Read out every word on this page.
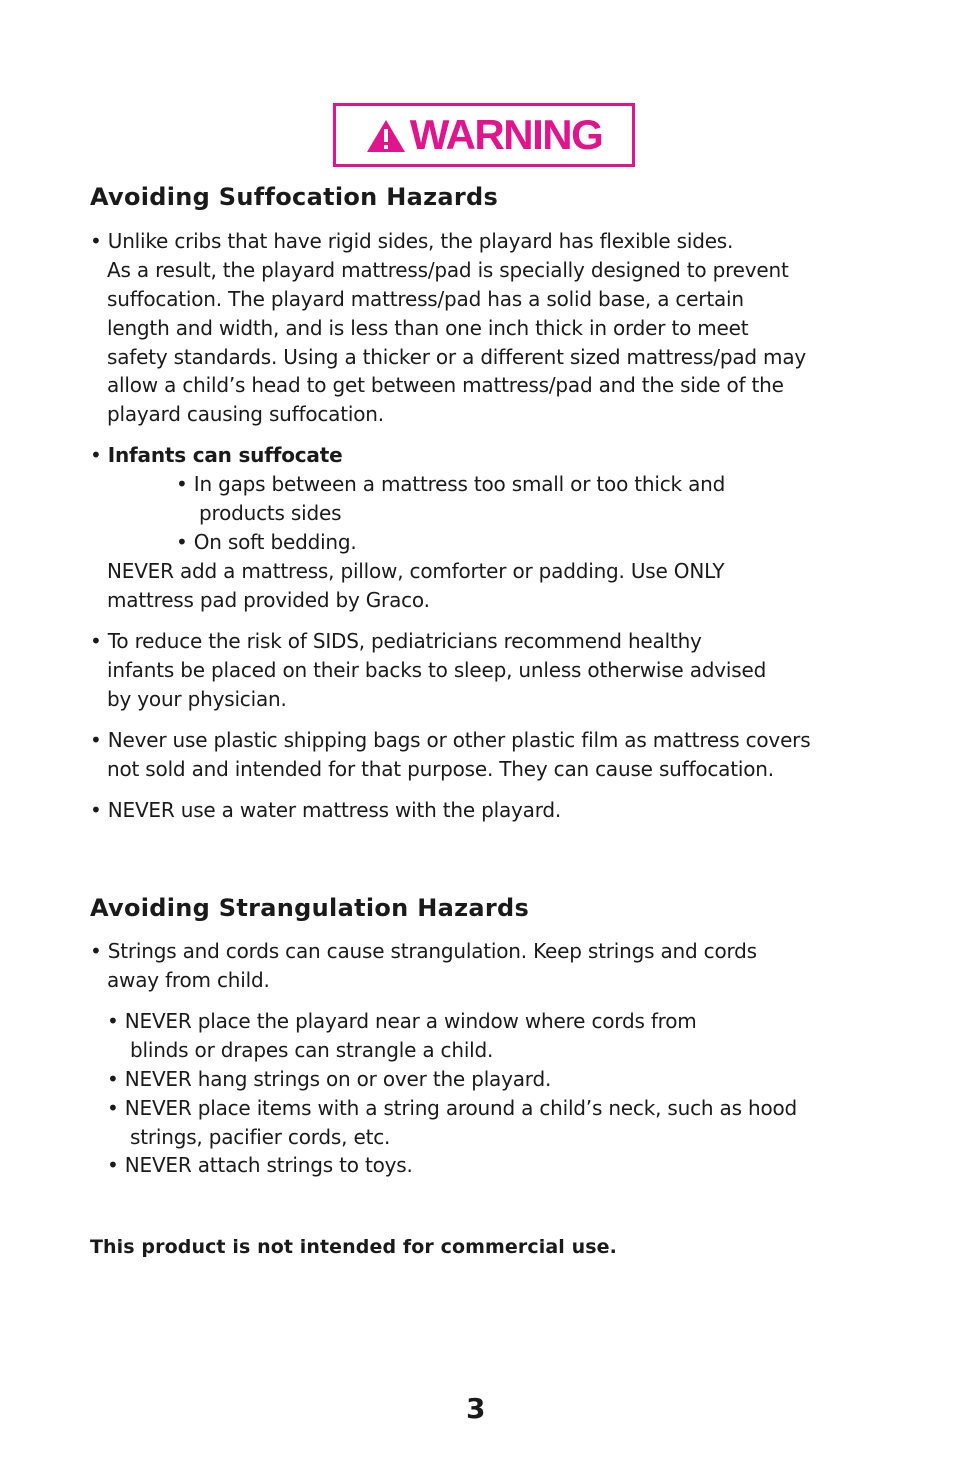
WARNING
Avoiding Suffocation Hazards
• Unlike cribs that have rigid sides, the playard has flexible sides.
As a result, the playard mattress/pad is specially designed to prevent
suffocation. The playard mattress/pad has a solid base, a certain
length and width, and is less than one inch thick in order to meet
safety standards. Using a thicker or a different sized mattress/pad may
allow a child’s head to get between mattress/pad and the side of the
playard causing suffocation.
• Infants can suffocate
• In gaps between a mattress too small or too thick and
products sides
• On soft bedding.
NEVER add a mattress, pillow, comforter or padding. Use ONLY
mattress pad provided by Graco.
• To reduce the risk of SIDS, pediatricians recommend healthy
infants be placed on their backs to sleep, unless otherwise advised
by your physician.
• Never use plastic shipping bags or other plastic film as mattress covers
not sold and intended for that purpose. They can cause suffocation.
• NEVER use a water mattress with the playard.
Avoiding Strangulation Hazards
• Strings and cords can cause strangulation. Keep strings and cords
away from child.
• NEVER place the playard near a window where cords from
blinds or drapes can strangle a child.
• NEVER hang strings on or over the playard.
• NEVER place items with a string around a child’s neck, such as hood
strings, pacifier cords, etc.
• NEVER attach strings to toys.
This product is not intended for commercial use.
3
